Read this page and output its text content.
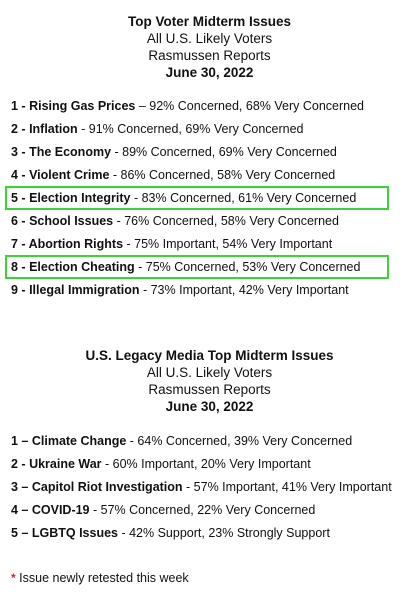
Top Voter Midterm Issues
All U.S. Likely Voters
Rasmussen Reports
June 30, 2022
1 - Rising Gas Prices – 92% Concerned, 68% Very Concerned
2 - Inflation - 91% Concerned, 69% Very Concerned
3 - The Economy - 89% Concerned, 69% Very Concerned
4 - Violent Crime - 86% Concerned, 58% Very Concerned
5 - Election Integrity - 83% Concerned, 61% Very Concerned
6 - School Issues - 76% Concerned, 58% Very Concerned
7 - Abortion Rights - 75% Important, 54% Very Important
8 - Election Cheating - 75% Concerned, 53% Very Concerned
9 - Illegal Immigration - 73% Important, 42% Very Important
U.S. Legacy Media Top Midterm Issues
All U.S. Likely Voters
Rasmussen Reports
June 30, 2022
1 – Climate Change - 64% Concerned, 39% Very Concerned
2 - Ukraine War - 60% Important, 20% Very Important
3 – Capitol Riot Investigation - 57% Important, 41% Very Important
4 – COVID-19 - 57% Concerned, 22% Very Concerned
5 – LGBTQ Issues - 42% Support, 23% Strongly Support
* Issue newly retested this week
